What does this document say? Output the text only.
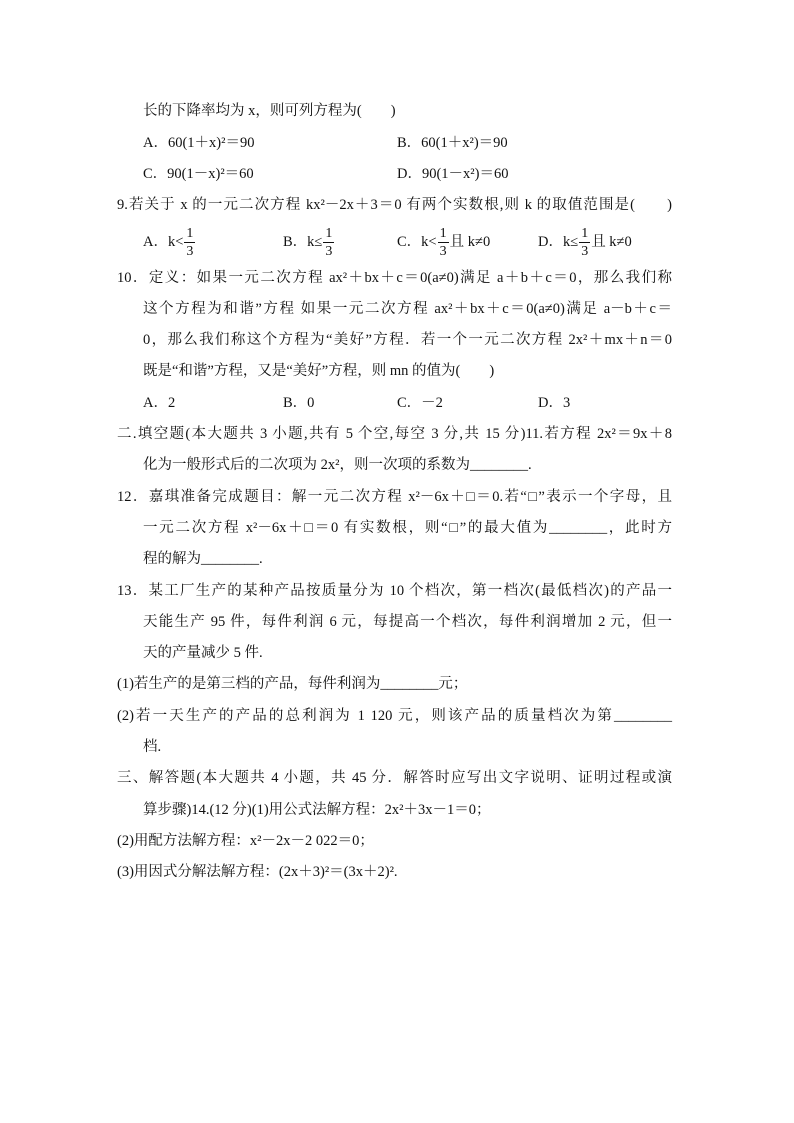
长的下降率均为 x，则可列方程为(　　)
A．60(1＋x)²＝90	B．60(1＋x²)＝90
C．90(1－x)²＝60	D．90(1－x²)＝60
9.若关于 x 的一元二次方程 kx²－2x＋3＝0 有两个实数根,则 k 的取值范围是(　　)
A．$k< \frac{1}{3}$	B．$k\le \frac{1}{3}$	C．$k< \frac{1}{3}$ 且 k≠0	D．$k\le \frac{1}{3}$ 且 k≠0
10．定义：如果一元二次方程 ax²＋bx＋c＝0(a≠0)满足 a＋b＋c＝0，那么我们称
这个方程为和谐”方程 如果一元二次方程 ax²＋bx＋c＝0(a≠0)满足 a－b＋c＝
0，那么我们称这个方程为“美好”方程．若一个一元二次方程 2x²＋mx＋n＝0
既是“和谐”方程，又是“美好”方程，则 mn 的值为(　　)
A．2	B．0	C．－2	D．3
二.填空题(本大题共 3 小题,共有 5 个空,每空 3 分,共 15 分)11.若方程 2x²＝9x＋8
化为一般形式后的二次项为 2x²，则一次项的系数为________.
12．嘉琪准备完成题目：解一元二次方程 x²－6x＋□＝0.若“□”表示一个字母，且
一元二次方程 x²－6x＋□＝0 有实数根，则“□”的最大值为________，此时方
程的解为________.
13．某工厂生产的某种产品按质量分为 10 个档次，第一档次(最低档次)的产品一
天能生产 95 件，每件利润 6 元，每提高一个档次，每件利润增加 2 元，但一
天的产量减少 5 件.
(1)若生产的是第三档的产品，每件利润为________元；
(2)若一天生产的产品的总利润为 1 120 元，则该产品的质量档次为第________
档.
三、解答题(本大题共 4 小题，共 45 分．解答时应写出文字说明、证明过程或演
算步骤)14.(12 分)(1)用公式法解方程：2x²＋3x－1＝0；
(2)用配方法解方程：x²－2x－2 022＝0；
(3)用因式分解法解方程：(2x＋3)²＝(3x＋2)².
